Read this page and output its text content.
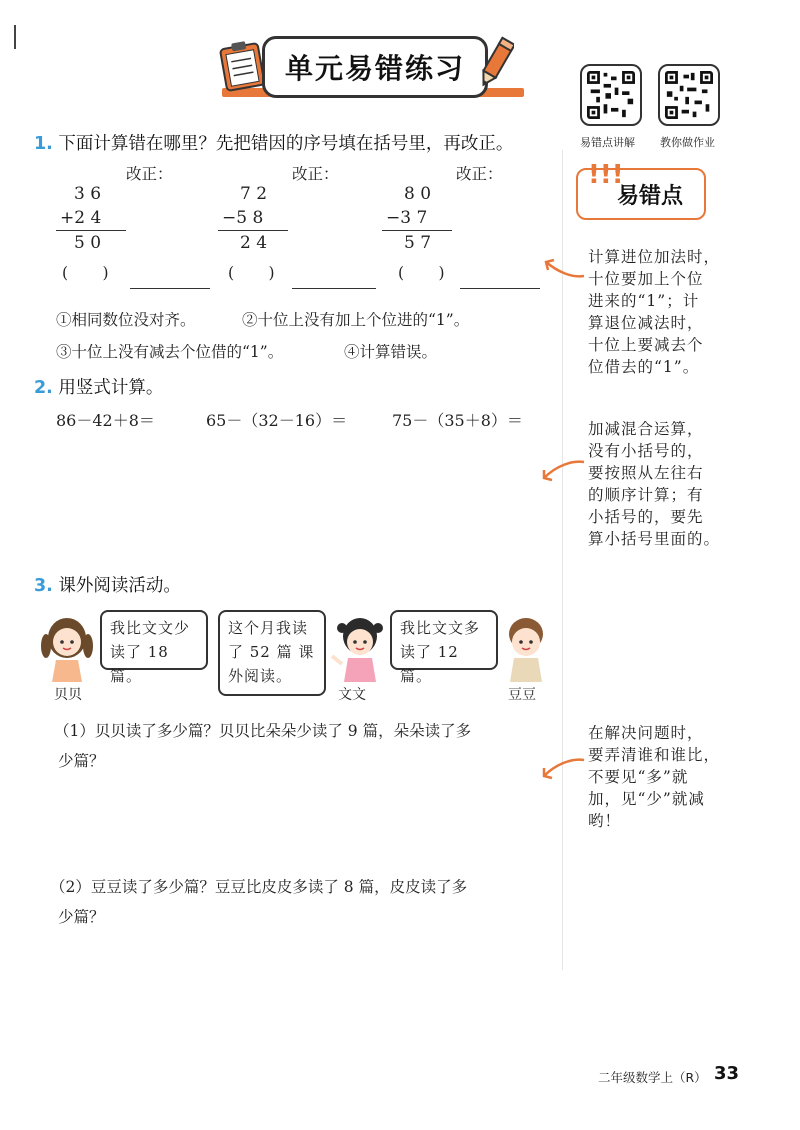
单元易错练习
易错点讲解 教你做作业
易错点
!!!
计算进位加法时，
十位要加上个位
进来的“1”；计
算退位减法时，
十位上要减去个
位借去的“1”。
加减混合运算，
没有小括号的，
要按照从左往右
的顺序计算；有
小括号的，要先
算小括号里面的。
在解决问题时，
要弄清谁和谁比，
不要见“多”就
加，见“少”就减
哟！
1. 下面计算错在哪里？先把错因的序号填在括号里，再改正。
改正：	改正：	改正：
3 6
+2 4
5 0
7 2
−5 8
2 4
8 0
−3 7
5 7
(       )	(       )	(       )
①相同数位没对齐。	②十位上没有加上个位进的“1”。
③十位上没有减去个位借的“1”。	④计算错误。
2. 用竖式计算。
86－42＋8＝	65－（32－16）＝	75－（35＋8）＝
3. 课外阅读活动。
贝贝
我比文文少
读了 18 篇。
这个月我读
了 52 篇 课
外阅读。
文文
我比文文多
读了 12 篇。
豆豆
（1）贝贝读了多少篇？贝贝比朵朵少读了 9 篇，朵朵读了多
少篇？
（2）豆豆读了多少篇？豆豆比皮皮多读了 8 篇，皮皮读了多
少篇？
二年级数学上（R） 33
